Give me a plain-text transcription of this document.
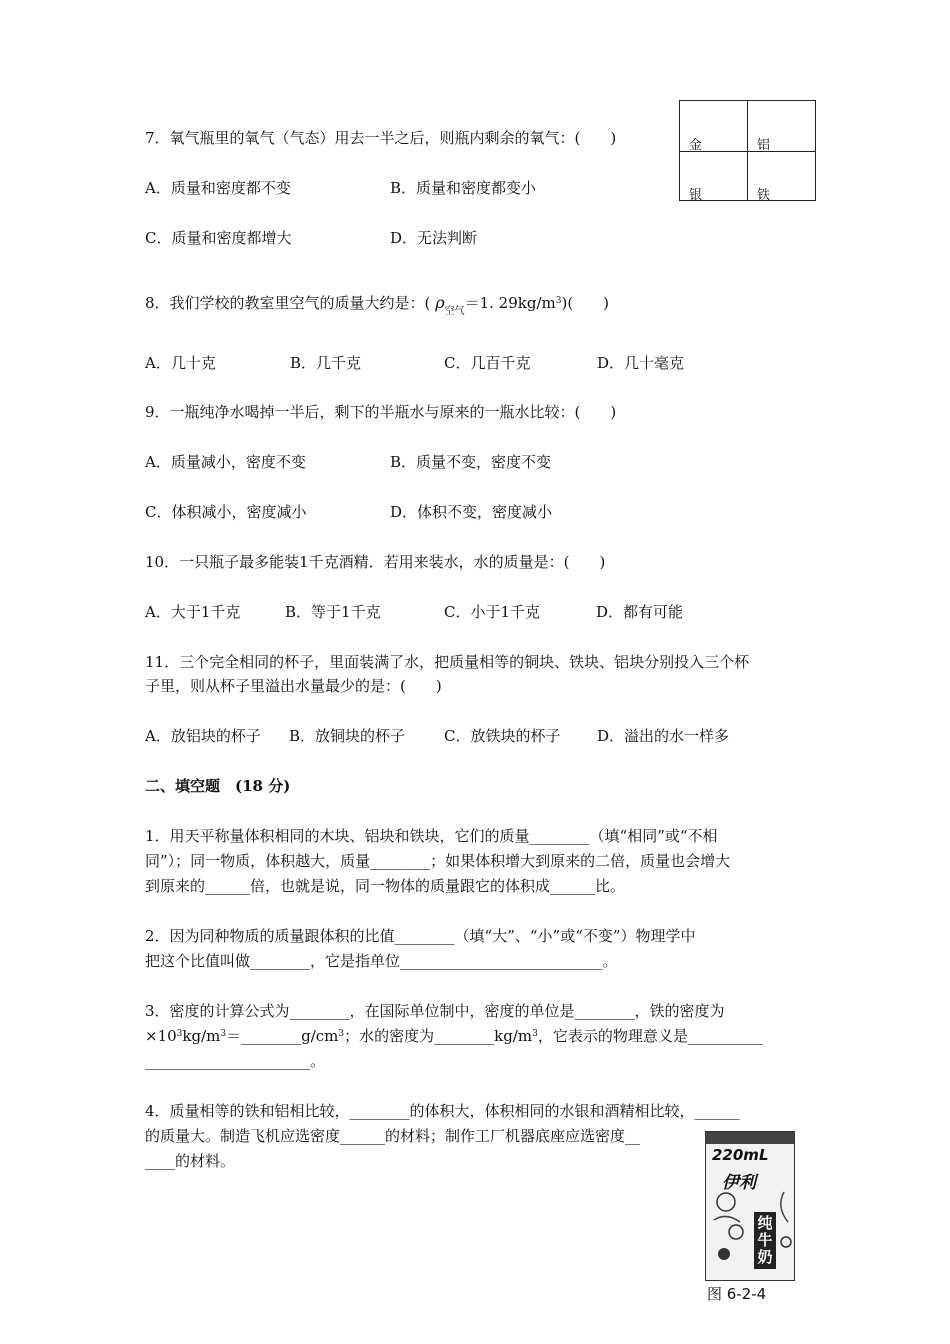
7．氧气瓶里的氧气（气态）用去一半之后，则瓶内剩余的氧气：(　　)
A．质量和密度都不变	B．质量和密度都变小
C．质量和密度都增大	D．无法判断
金	铝
银	铁
8．我们学校的教室里空气的质量大约是：( $\rho_{空气}=1$. $29kg/m^3$)(　　)
A．几十克	B．几千克	C．几百千克	D．几十毫克
9．一瓶纯净水喝掉一半后，剩下的半瓶水与原来的一瓶水比较：(　　)
A．质量减小，密度不变	B．质量不变，密度不变
C．体积减小，密度减小	D．体积不变，密度减小
10．一只瓶子最多能装1千克酒精．若用来装水，水的质量是：(　　)
A．大于1千克	B．等于1千克	C．小于1千克	D．都有可能
11．三个完全相同的杯子，里面装满了水，把质量相等的铜块、铁块、铝块分别投入三个杯
子里，则从杯子里溢出水量最少的是：(　　)
A．放铝块的杯子 B．放铜块的杯子	C．放铁块的杯子 D．溢出的水一样多
二、填空题　(18 分)
1．用天平称量体积相同的木块、铝块和铁块，它们的质量________（填“相同”或“不相
同”）；同一物质，体积越大，质量________；如果体积增大到原来的二倍，质量也会增大
到原来的______倍，也就是说，同一物体的质量跟它的体积成______比。
2．因为同种物质的质量跟体积的比值________（填“大”、“小”或“不变”）物理学中
把这个比值叫做________，它是指单位___________________________。
3．密度的计算公式为________，在国际单位制中，密度的单位是________，铁的密度为
$\times 10^3kg/m^3=\_\_\_\_\_\_\_\_g/cm^3$；水的密度为$\_\_\_\_\_\_\_\_kg/m^3$，它表示的物理意义是__________
______________________。
4．质量相等的铁和铝相比较，________的体积大，体积相同的水银和酒精相比较，______
的质量大。制造飞机应选密度______的材料；制作工厂机器底座应选密度__
____的材料。	220mL
伊利
纯牛奶
图 6-2-4
